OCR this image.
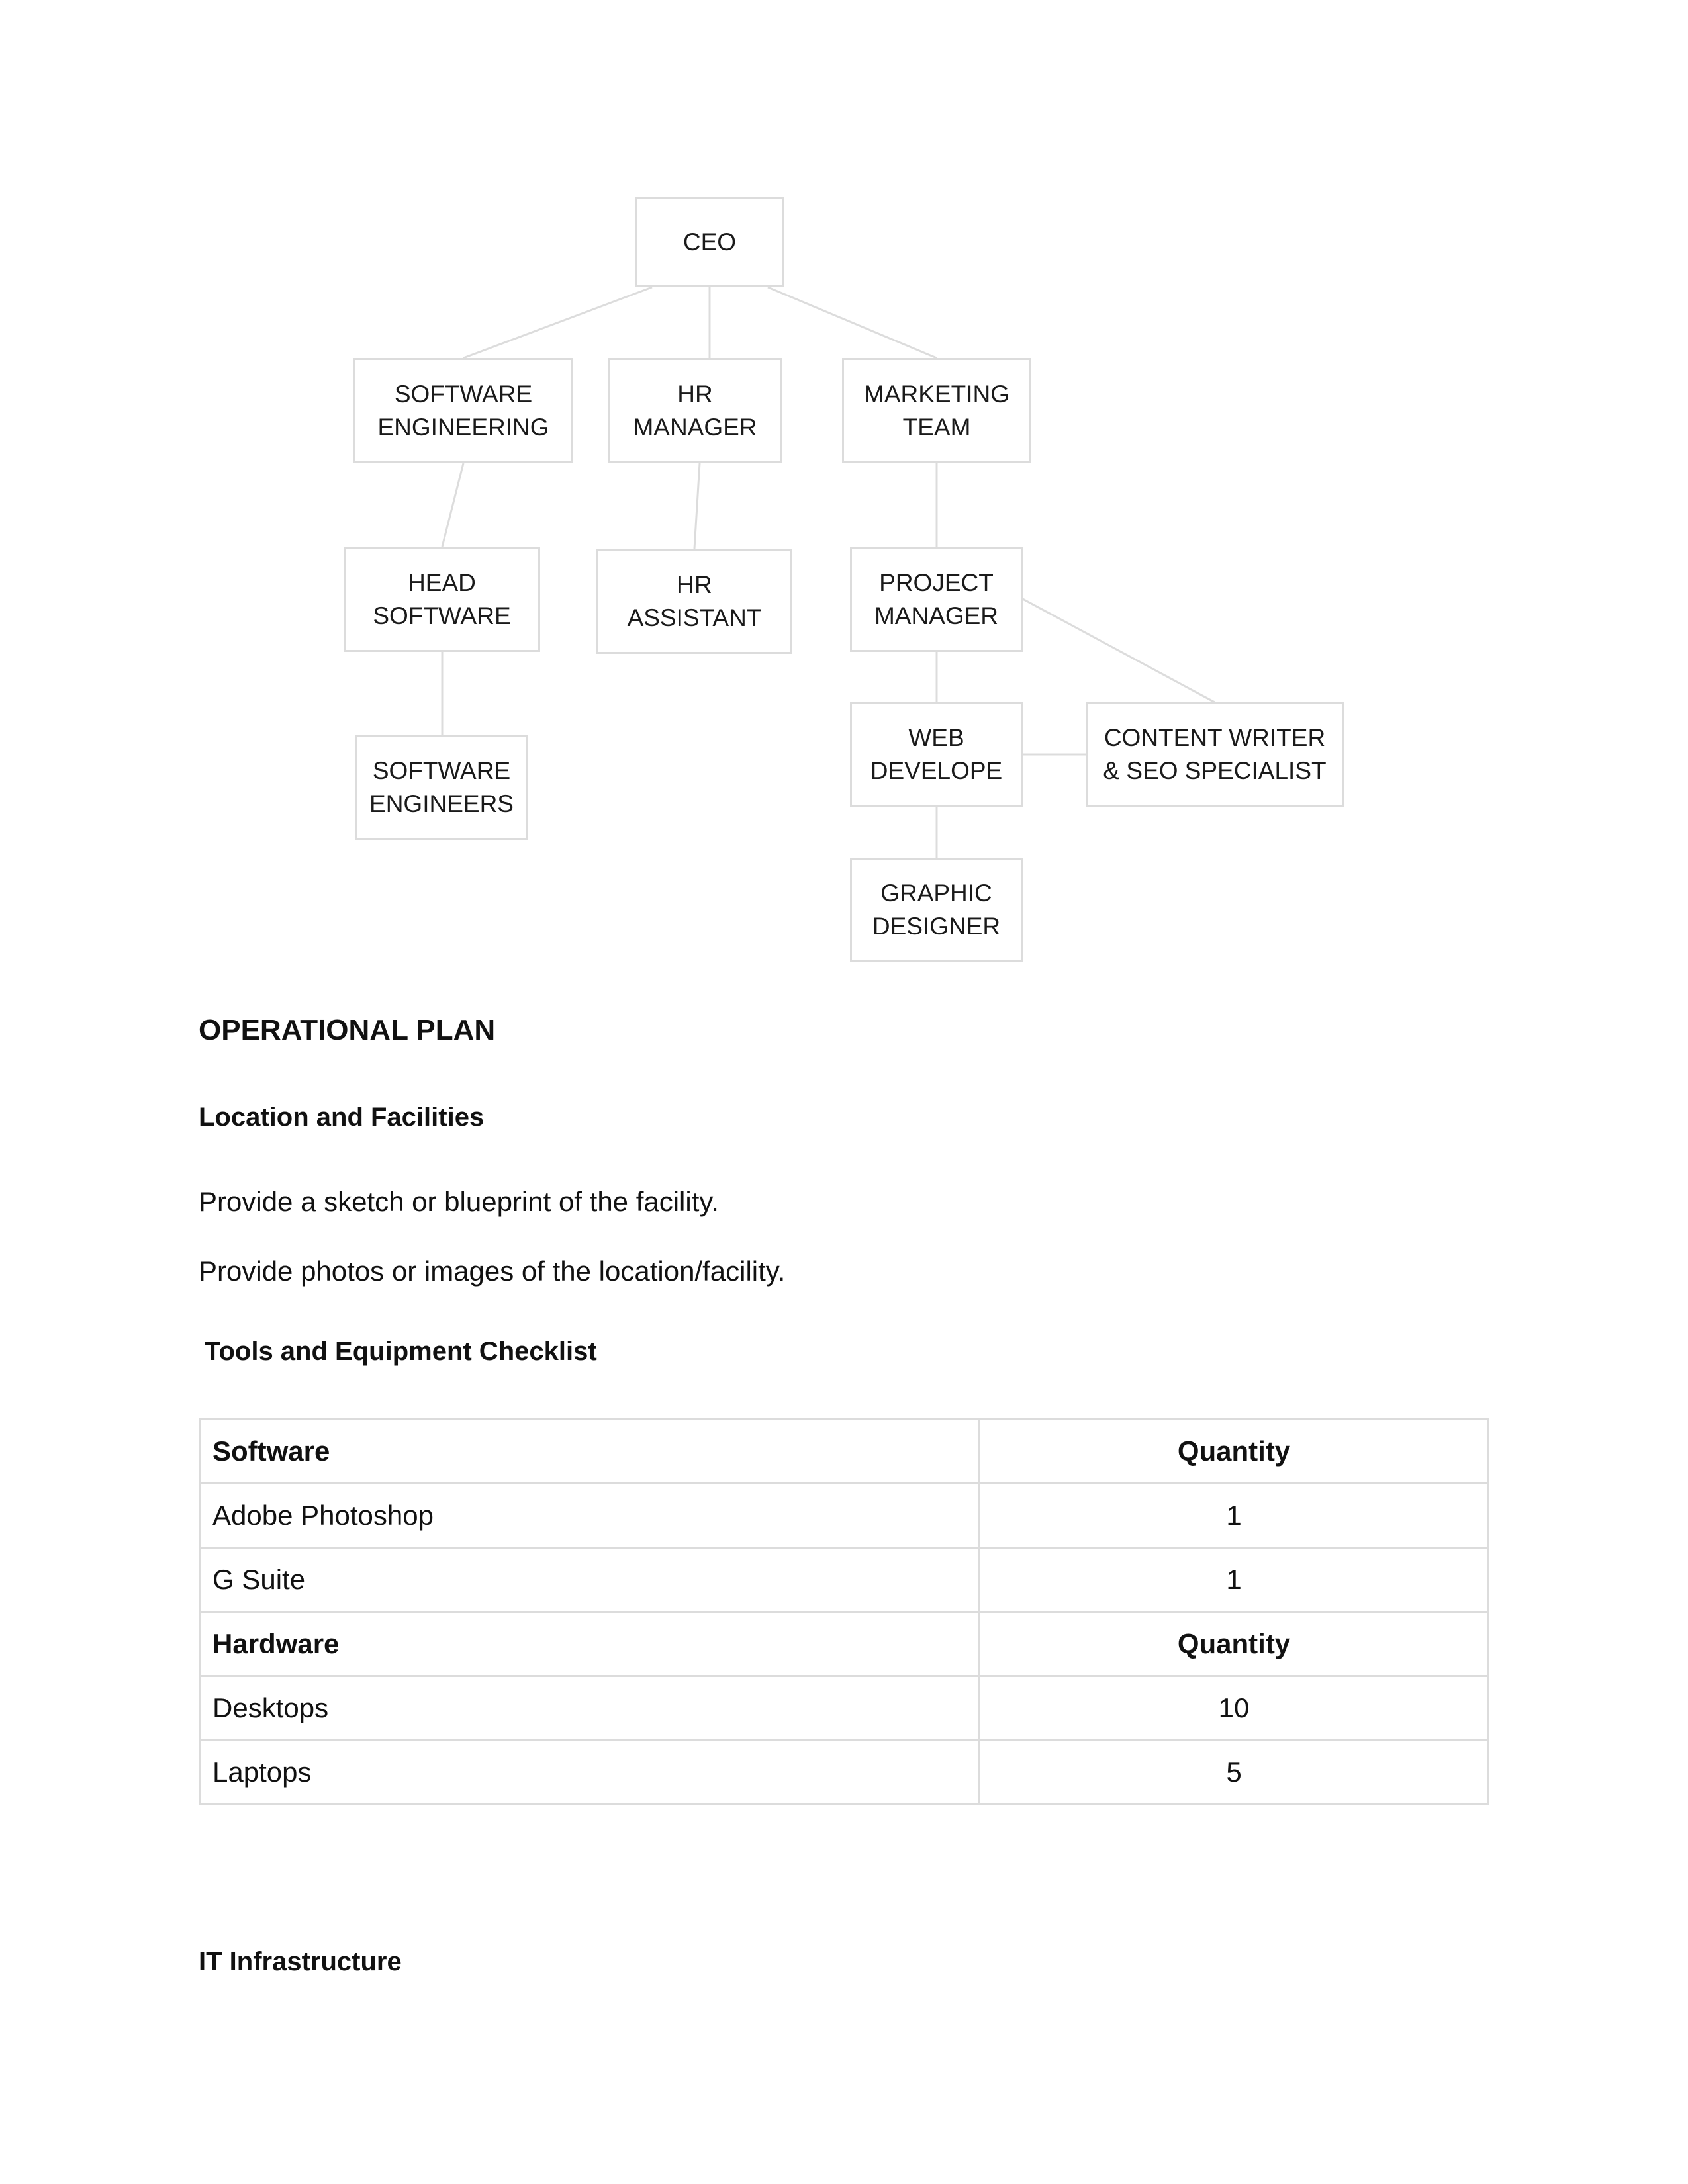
CEO
SOFTWARE
ENGINEERING
HR
MANAGER
MARKETING
TEAM
HEAD
SOFTWARE
HR
ASSISTANT
PROJECT
MANAGER
SOFTWARE
ENGINEERS
WEB
DEVELOPE
CONTENT WRITER
& SEO SPECIALIST
GRAPHIC
DESIGNER
OPERATIONAL PLAN
Location and Facilities
Provide a sketch or blueprint of the facility.
Provide photos or images of the location/facility.
Tools and Equipment Checklist
Software	Quantity
Adobe Photoshop	1
G Suite	1
Hardware	Quantity
Desktops	10
Laptops	5
IT Infrastructure
